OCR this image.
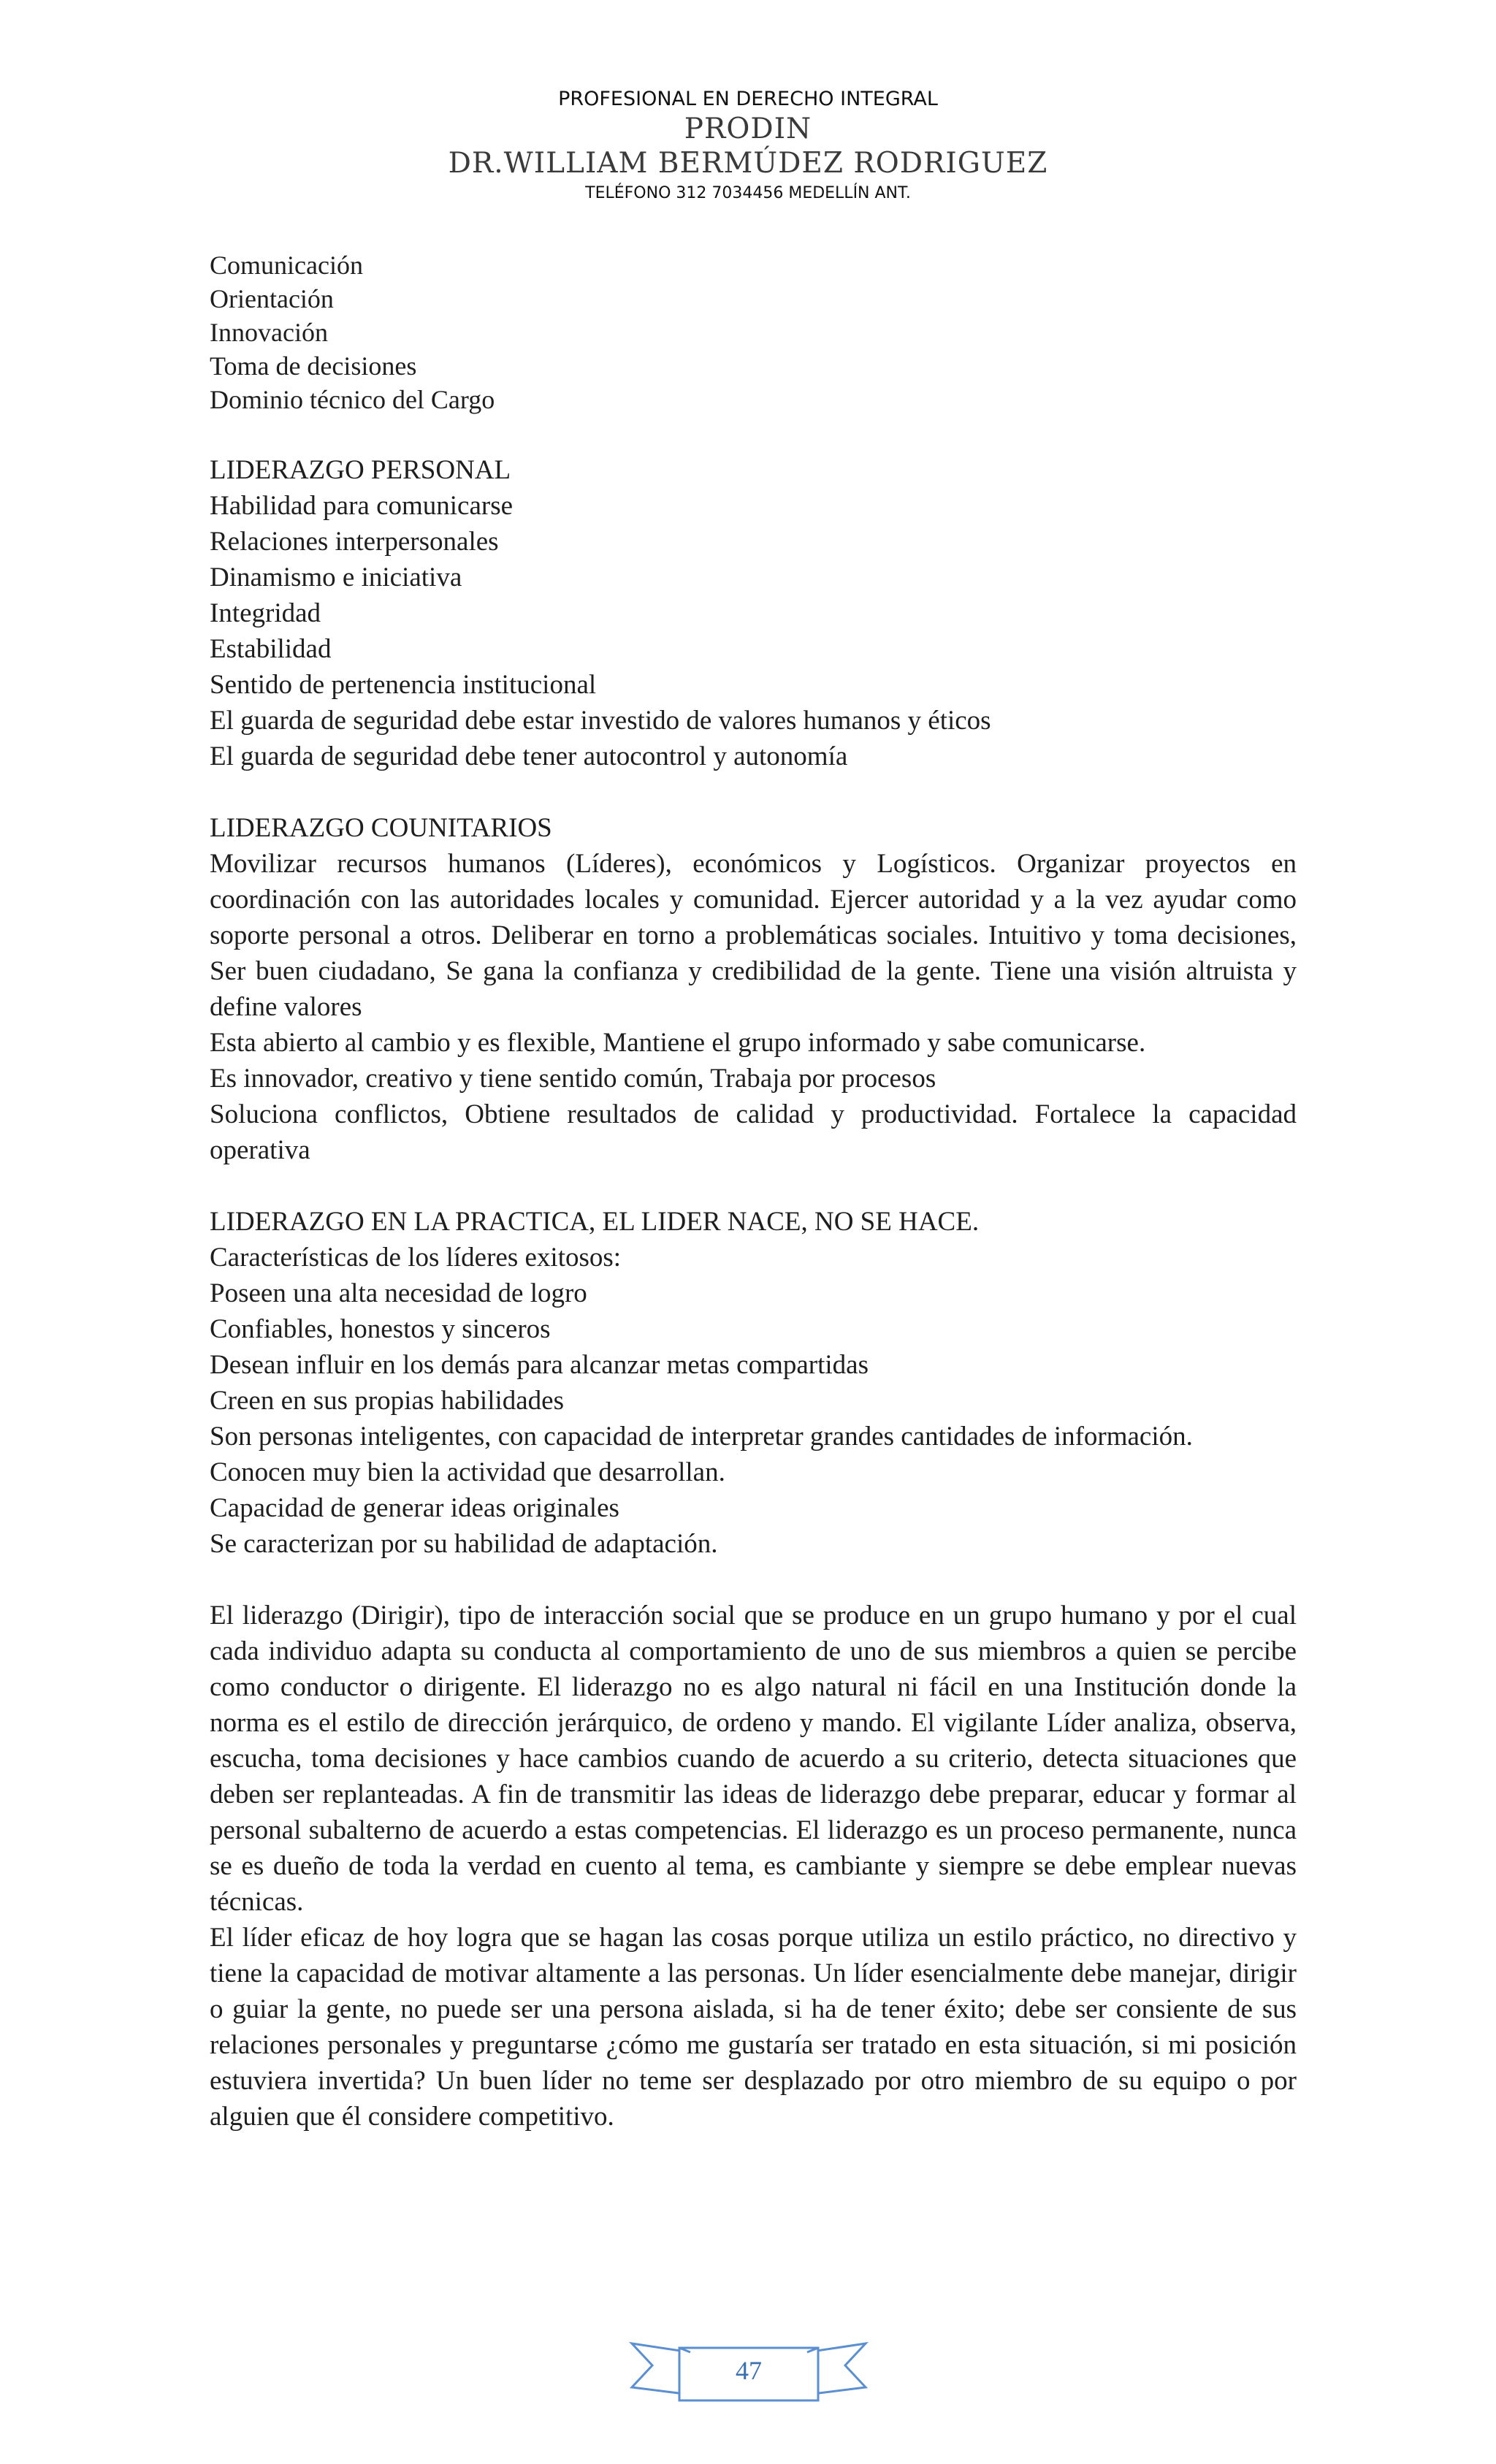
PROFESIONAL EN DERECHO INTEGRAL
PRODIN
DR.WILLIAM BERMÚDEZ RODRIGUEZ
TELÉFONO 312 7034456 MEDELLÍN ANT.
Comunicación
Orientación
Innovación
Toma de decisiones
Dominio técnico del Cargo
LIDERAZGO PERSONAL
Habilidad para comunicarse
Relaciones interpersonales
Dinamismo e iniciativa
Integridad
Estabilidad
Sentido de pertenencia institucional
El guarda de seguridad debe estar investido de valores humanos y éticos
El guarda de seguridad debe tener autocontrol y autonomía
LIDERAZGO COUNITARIOS
Movilizar recursos humanos (Líderes), económicos y Logísticos. Organizar proyectos en coordinación con las autoridades locales y comunidad. Ejercer autoridad y a la vez ayudar como soporte personal a otros. Deliberar en torno a problemáticas sociales. Intuitivo y toma decisiones, Ser buen ciudadano, Se gana la confianza y credibilidad de la gente. Tiene una visión altruista y define valores
Esta abierto al cambio y es flexible, Mantiene el grupo informado y sabe comunicarse.
Es innovador, creativo y tiene sentido común, Trabaja por procesos
Soluciona conflictos, Obtiene resultados de calidad y productividad. Fortalece la capacidad operativa
LIDERAZGO EN LA PRACTICA, EL LIDER NACE, NO SE HACE.
Características de los líderes exitosos:
Poseen una alta necesidad de logro
Confiables, honestos y sinceros
Desean influir en los demás para alcanzar metas compartidas
Creen en sus propias habilidades
Son personas inteligentes, con capacidad de interpretar grandes cantidades de información.
Conocen muy bien la actividad que desarrollan.
Capacidad de generar ideas originales
Se caracterizan por su habilidad de adaptación.
El liderazgo (Dirigir), tipo de interacción social que se produce en un grupo humano y por el cual cada individuo adapta su conducta al comportamiento de uno de sus miembros a quien se percibe como conductor o dirigente. El liderazgo no es algo natural ni fácil en una Institución donde la norma es el estilo de dirección jerárquico, de ordeno y mando. El vigilante Líder analiza, observa, escucha, toma decisiones y hace cambios cuando de acuerdo a su criterio, detecta situaciones que deben ser replanteadas. A fin de transmitir las ideas de liderazgo debe preparar, educar y formar al personal subalterno de acuerdo a estas competencias. El liderazgo es un proceso permanente, nunca se es dueño de toda la verdad en cuento al tema, es cambiante y siempre se debe emplear nuevas técnicas.
El líder eficaz de hoy logra que se hagan las cosas porque utiliza un estilo práctico, no directivo y tiene la capacidad de motivar altamente a las personas. Un líder esencialmente debe manejar, dirigir o guiar la gente, no puede ser una persona aislada, si ha de tener éxito; debe ser consiente de sus relaciones personales y preguntarse ¿cómo me gustaría ser tratado en esta situación, si mi posición estuviera invertida? Un buen líder no teme ser desplazado por otro miembro de su equipo o por alguien que él considere competitivo.
47
